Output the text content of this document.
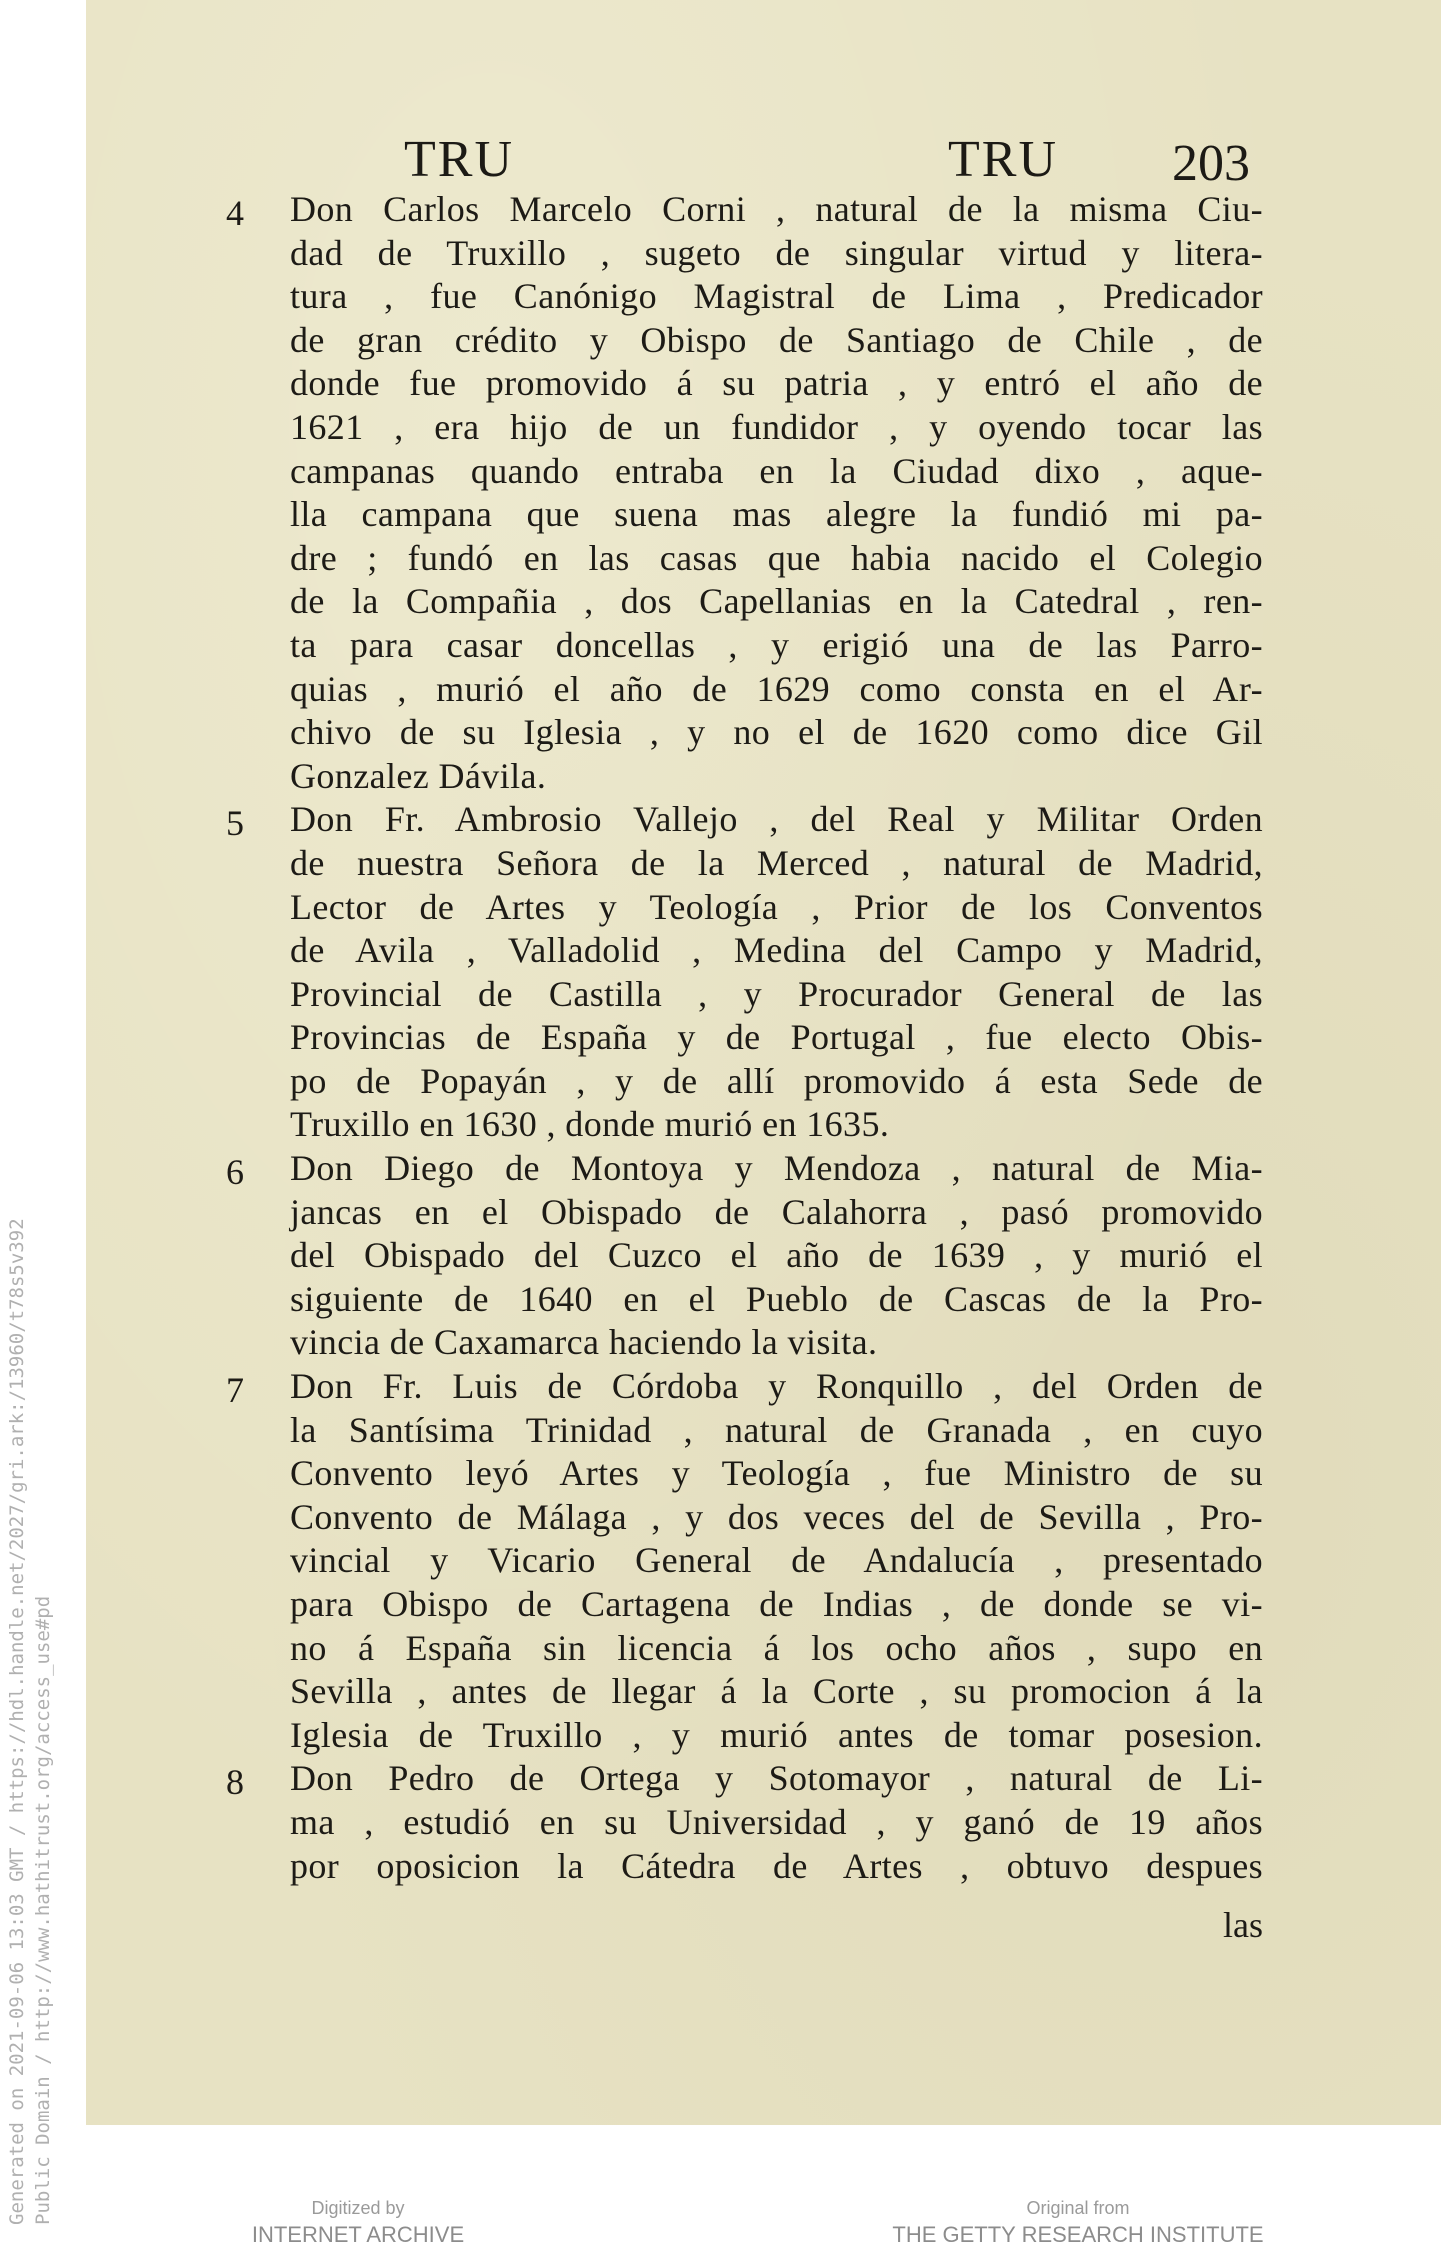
Generated on 2021-09-06 13:03 GMT / https://hdl.handle.net/2027/gri.ark:/13960/t78s5v392 Public Domain / http://www.hathitrust.org/access_use#pd
TRU	TRU 203
4 Don Carlos Marcelo Corni , natural de la misma Ciu-
dad de Truxillo , sugeto de singular virtud y litera-
tura , fue Canónigo Magistral de Lima , Predicador
de gran crédito y Obispo de Santiago de Chile , de
donde fue promovido á su patria , y entró el año de
1621 , era hijo de un fundidor , y oyendo tocar las
campanas quando entraba en la Ciudad dixo , aque-
lla campana que suena mas alegre la fundió mi pa-
dre ; fundó en las casas que habia nacido el Colegio
de la Compañia , dos Capellanias en la Catedral , ren-
ta para casar doncellas , y erigió una de las Parro-
quias , murió el año de 1629 como consta en el Ar-
chivo de su Iglesia , y no el de 1620 como dice Gil
Gonzalez Dávila.
5 Don Fr. Ambrosio Vallejo , del Real y Militar Orden
de nuestra Señora de la Merced , natural de Madrid,
Lector de Artes y Teología , Prior de los Conventos
de Avila , Valladolid , Medina del Campo y Madrid,
Provincial de Castilla , y Procurador General de las
Provincias de España y de Portugal , fue electo Obis-
po de Popayán , y de allí promovido á esta Sede de
Truxillo en 1630 , donde murió en 1635.
6 Don Diego de Montoya y Mendoza , natural de Mia-
jancas en el Obispado de Calahorra , pasó promovido
del Obispado del Cuzco el año de 1639 , y murió el
siguiente de 1640 en el Pueblo de Cascas de la Pro-
vincia de Caxamarca haciendo la visita.
7 Don Fr. Luis de Córdoba y Ronquillo , del Orden de
la Santísima Trinidad , natural de Granada , en cuyo
Convento leyó Artes y Teología , fue Ministro de su
Convento de Málaga , y dos veces del de Sevilla , Pro-
vincial y Vicario General de Andalucía , presentado
para Obispo de Cartagena de Indias , de donde se vi-
no á España sin licencia á los ocho años , supo en
Sevilla , antes de llegar á la Corte , su promocion á la
Iglesia de Truxillo , y murió antes de tomar posesion.
8 Don Pedro de Ortega y Sotomayor , natural de Li-
ma , estudió en su Universidad , y ganó de 19 años
por oposicion la Cátedra de Artes , obtuvo despues
las
Digitized by
INTERNET ARCHIVE
Original from
THE GETTY RESEARCH INSTITUTE
